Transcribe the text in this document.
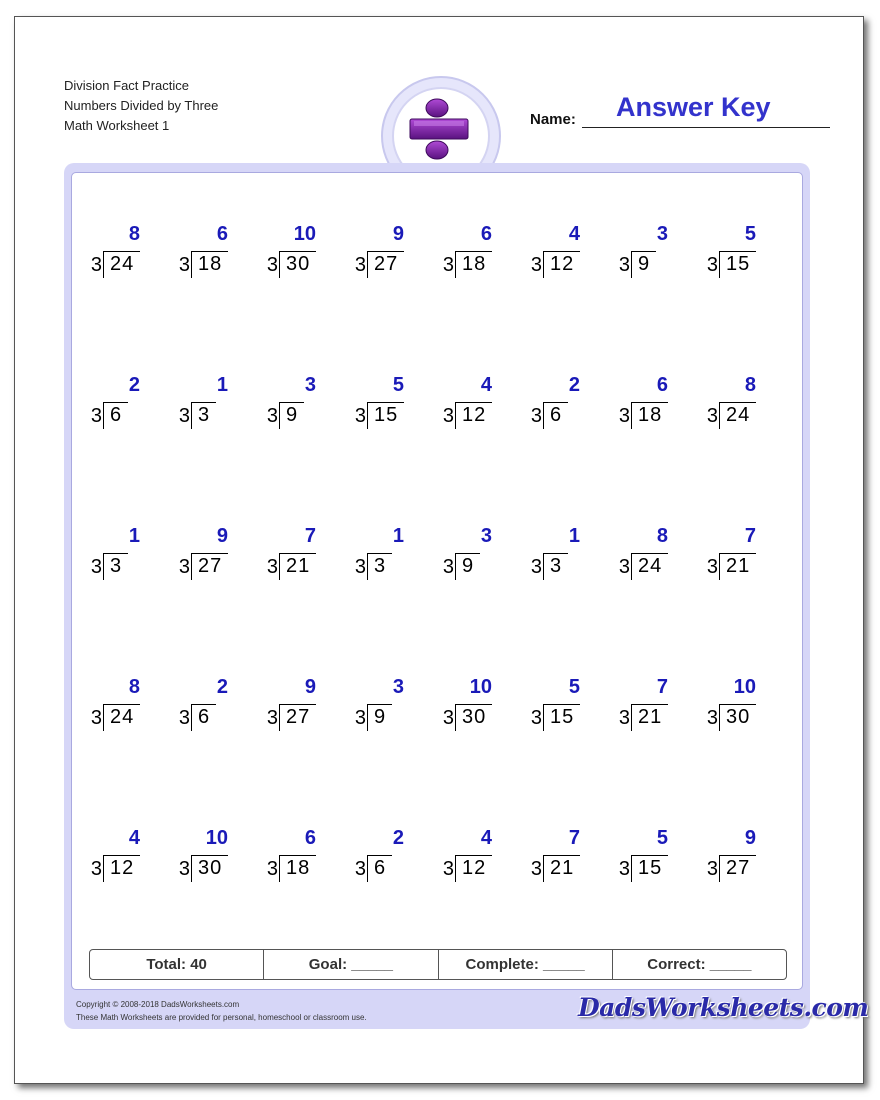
Division Fact Practice
Numbers Divided by Three
Math Worksheet 1	Name: Answer Key
8
3 24
6
3 18
10
3 30
9
3 27
6
3 18
4
3 12
3
3 9
5
3 15
2
3 6
1
3 3
3
3 9
5
3 15
4
3 12
2
3 6
6
3 18
8
3 24
1
3 3
9
3 27
7
3 21
1
3 3
3
3 9
1
3 3
8
3 24
7
3 21
8
3 24
2
3 6
9
3 27
3
3 9
10
3 30
5
3 15
7
3 21
10
3 30
4
3 12
10
3 30
6
3 18
2
3 6
4
3 12
7
3 21
5
3 15
9
3 27
Total: 40	Goal: _____	Complete: _____	Correct: _____
Copyright © 2008-2018 DadsWorksheets.com
These Math Worksheets are provided for personal, homeschool or classroom use.	DadsWorksheets.com
